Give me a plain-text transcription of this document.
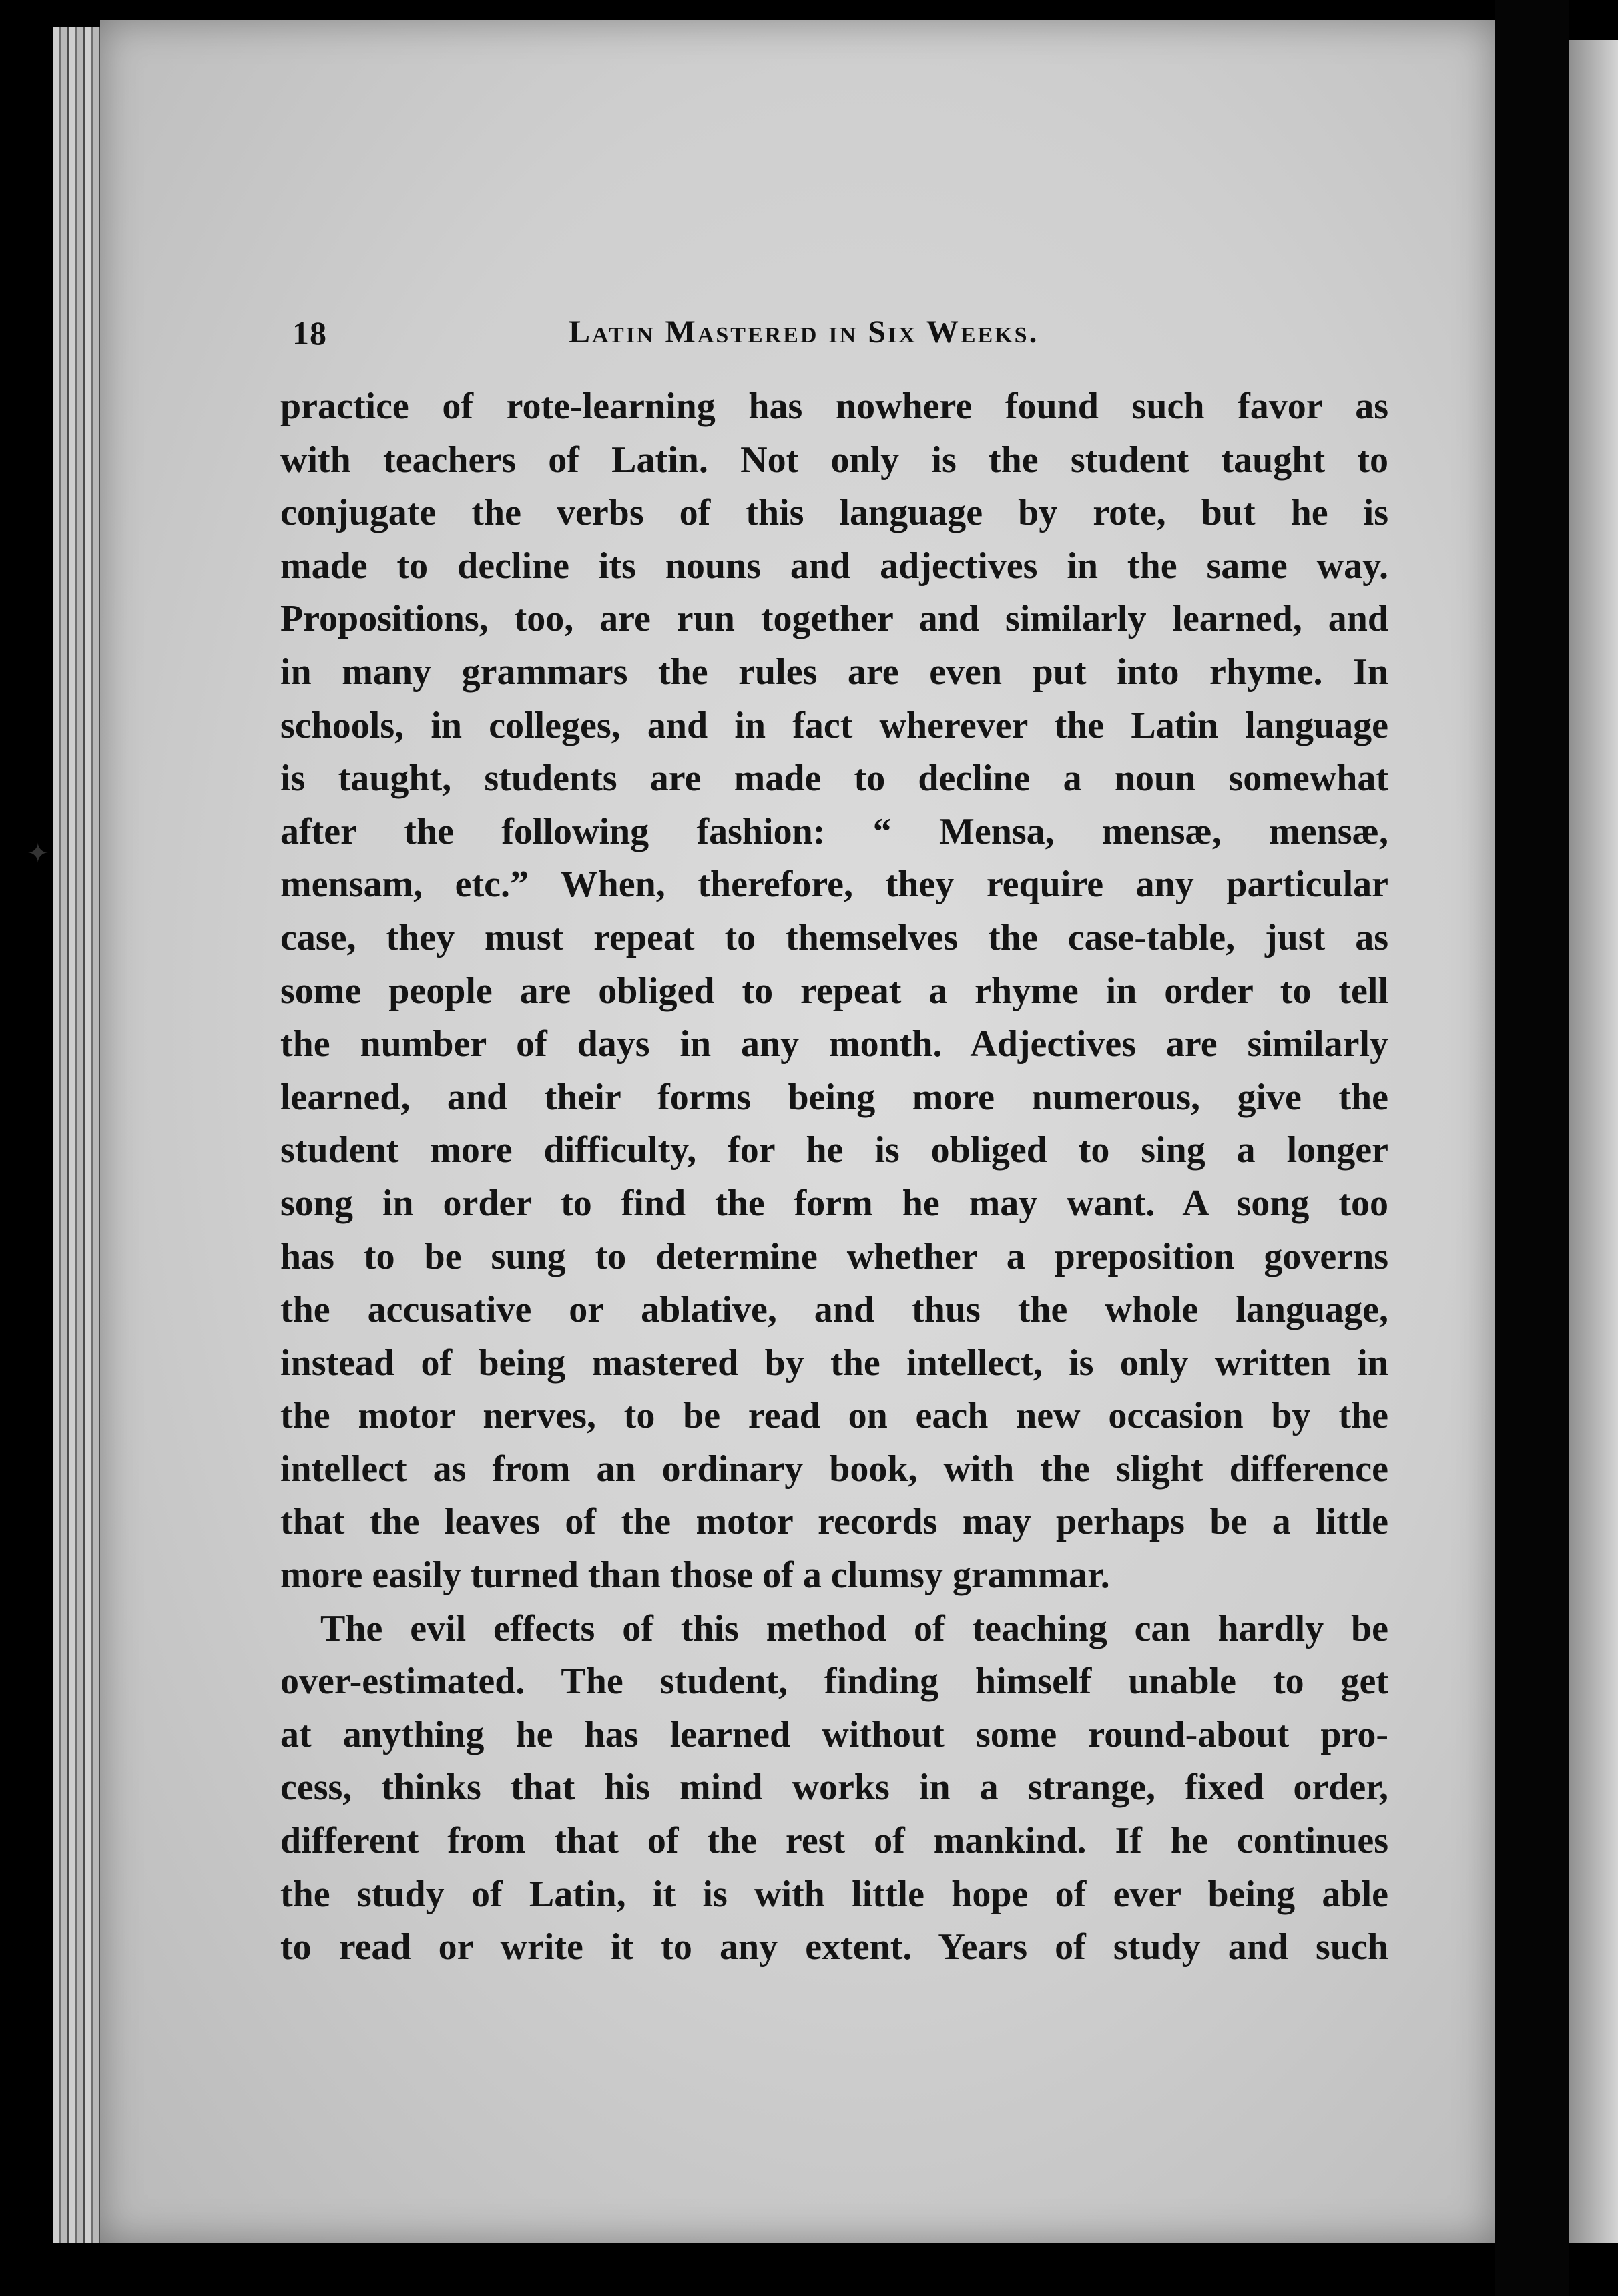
18	Latin Mastered in Six Weeks.
✦
practice of rote-learning has nowhere found such favor as
with teachers of Latin. Not only is the student taught to
conjugate the verbs of this language by rote, but he is
made to decline its nouns and adjectives in the same way.
Propositions, too, are run together and similarly learned, and
in many grammars the rules are even put into rhyme. In
schools, in colleges, and in fact wherever the Latin language
is taught, students are made to decline a noun somewhat
after the following fashion: “ Mensa, mensæ, mensæ,
mensam, etc.” When, therefore, they require any particular
case, they must repeat to themselves the case-table, just as
some people are obliged to repeat a rhyme in order to tell
the number of days in any month. Adjectives are similarly
learned, and their forms being more numerous, give the
student more difficulty, for he is obliged to sing a longer
song in order to find the form he may want. A song too
has to be sung to determine whether a preposition governs
the accusative or ablative, and thus the whole language,
instead of being mastered by the intellect, is only written in
the motor nerves, to be read on each new occasion by the
intellect as from an ordinary book, with the slight difference
that the leaves of the motor records may perhaps be a little
more easily turned than those of a clumsy grammar.
The evil effects of this method of teaching can hardly be
over-estimated. The student, finding himself unable to get
at anything he has learned without some round-about pro-
cess, thinks that his mind works in a strange, fixed order,
different from that of the rest of mankind. If he continues
the study of Latin, it is with little hope of ever being able
to read or write it to any extent. Years of study and such
